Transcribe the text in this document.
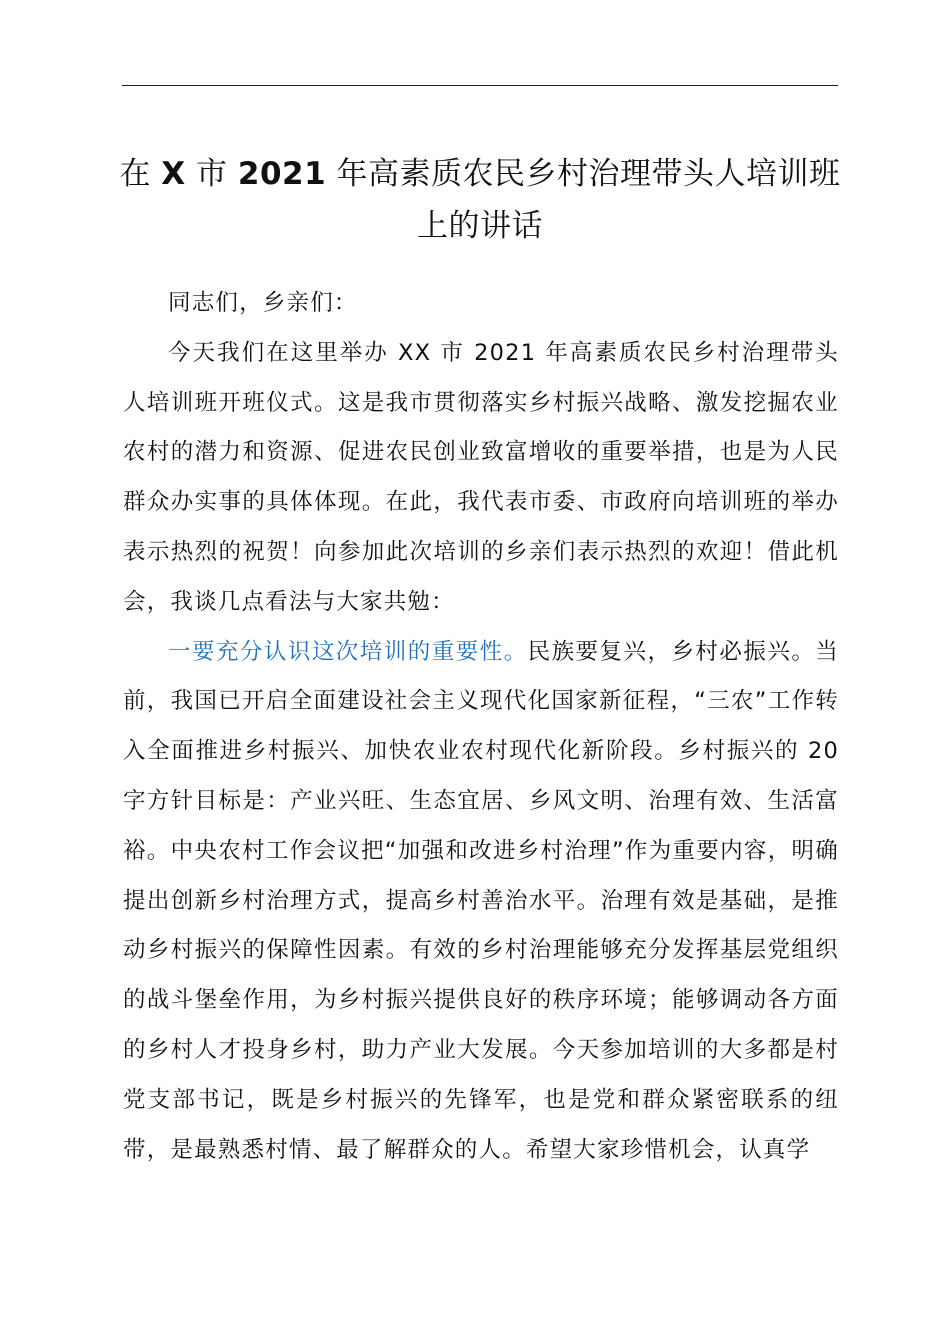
在 X 市 2021 年高素质农民乡村治理带头人培训班上的讲话

同志们，乡亲们：

今天我们在这里举办 XX 市 2021 年高素质农民乡村治理带头人培训班开班仪式。这是我市贯彻落实乡村振兴战略、激发挖掘农业农村的潜力和资源、促进农民创业致富增收的重要举措，也是为人民群众办实事的具体体现。在此，我代表市委、市政府向培训班的举办表示热烈的祝贺！向参加此次培训的乡亲们表示热烈的欢迎！借此机会，我谈几点看法与大家共勉：

一要充分认识这次培训的重要性。民族要复兴，乡村必振兴。当前，我国已开启全面建设社会主义现代化国家新征程，“三农”工作转入全面推进乡村振兴、加快农业农村现代化新阶段。乡村振兴的 20 字方针目标是：产业兴旺、生态宜居、乡风文明、治理有效、生活富裕。中央农村工作会议把“加强和改进乡村治理”作为重要内容，明确提出创新乡村治理方式，提高乡村善治水平。治理有效是基础，是推动乡村振兴的保障性因素。有效的乡村治理能够充分发挥基层党组织的战斗堡垒作用，为乡村振兴提供良好的秩序环境；能够调动各方面的乡村人才投身乡村，助力产业大发展。今天参加培训的大多都是村党支部书记，既是乡村振兴的先锋军，也是党和群众紧密联系的纽带，是最熟悉村情、最了解群众的人。希望大家珍惜机会，认真学
